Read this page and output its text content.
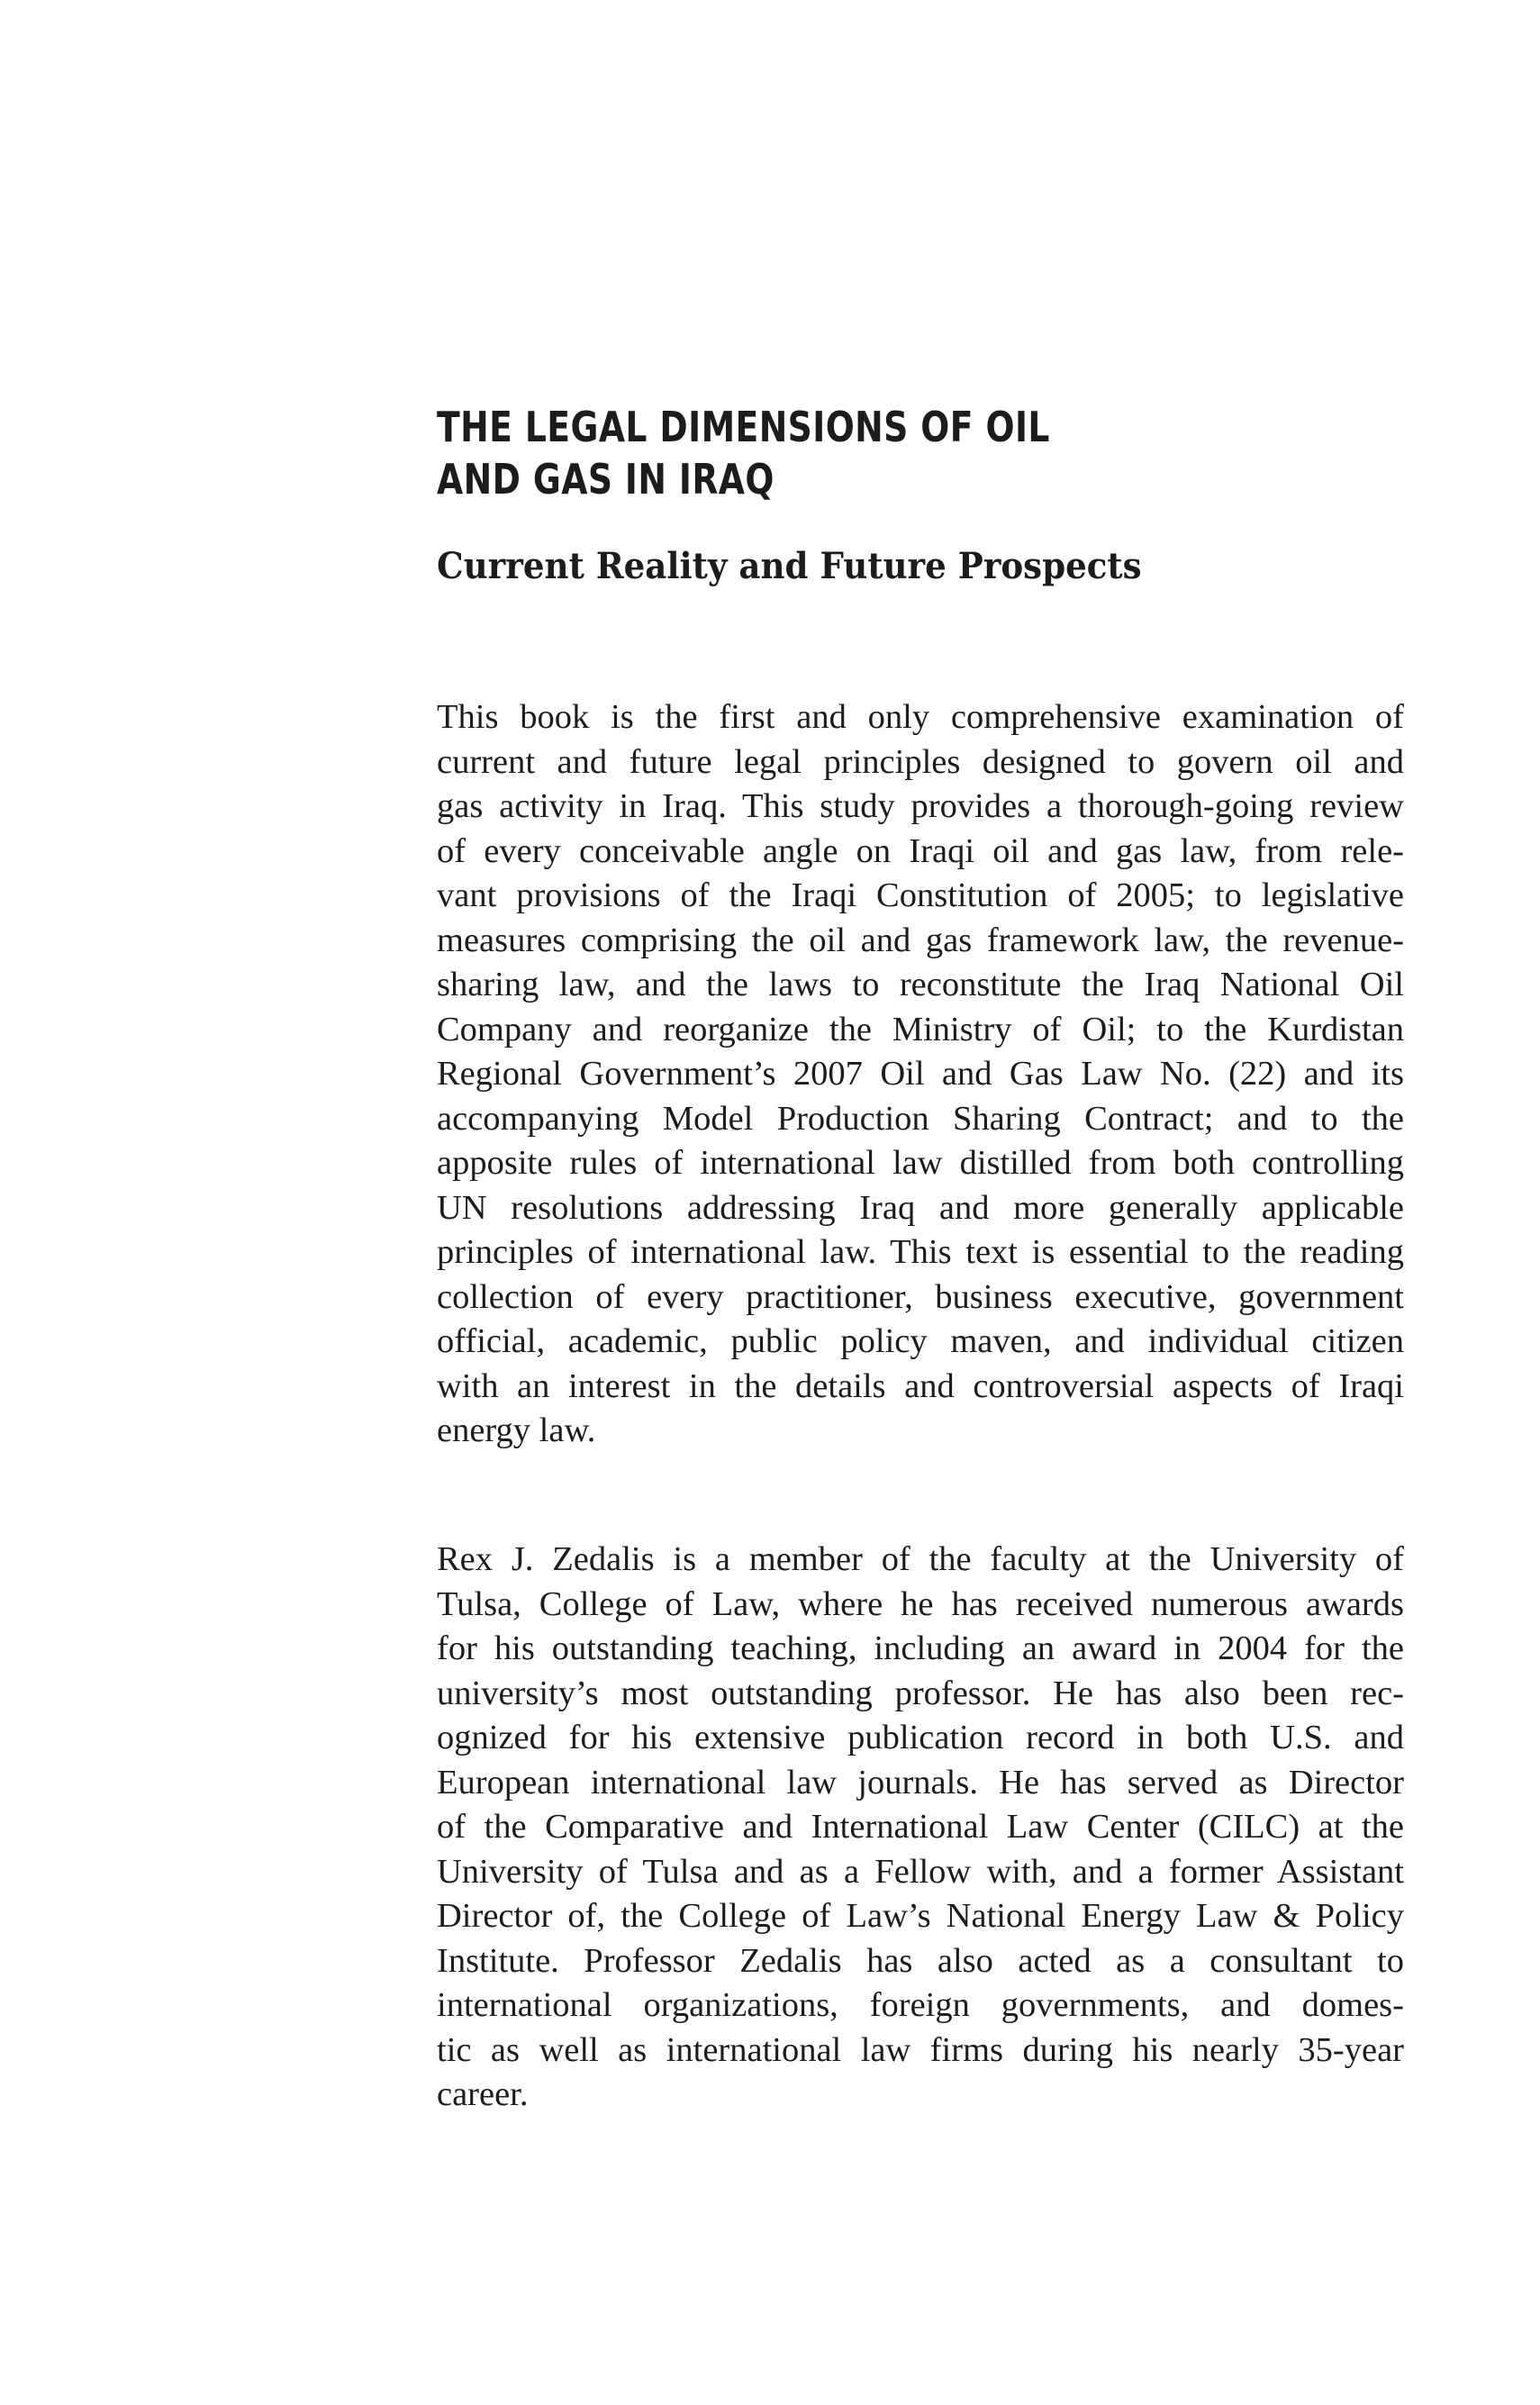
THE LEGAL DIMENSIONS OF OIL
AND GAS IN IRAQ
Current Reality and Future Prospects
This book is the first and only comprehensive examination of
current and future legal principles designed to govern oil and
gas activity in Iraq. This study provides a thorough-going review
of every conceivable angle on Iraqi oil and gas law, from rele-
vant provisions of the Iraqi Constitution of 2005; to legislative
measures comprising the oil and gas framework law, the revenue-
sharing law, and the laws to reconstitute the Iraq National Oil
Company and reorganize the Ministry of Oil; to the Kurdistan
Regional Government’s 2007 Oil and Gas Law No. (22) and its
accompanying Model Production Sharing Contract; and to the
apposite rules of international law distilled from both controlling
UN resolutions addressing Iraq and more generally applicable
principles of international law. This text is essential to the reading
collection of every practitioner, business executive, government
official, academic, public policy maven, and individual citizen
with an interest in the details and controversial aspects of Iraqi
energy law.
Rex J. Zedalis is a member of the faculty at the University of
Tulsa, College of Law, where he has received numerous awards
for his outstanding teaching, including an award in 2004 for the
university’s most outstanding professor. He has also been rec-
ognized for his extensive publication record in both U.S. and
European international law journals. He has served as Director
of the Comparative and International Law Center (CILC) at the
University of Tulsa and as a Fellow with, and a former Assistant
Director of, the College of Law’s National Energy Law & Policy
Institute. Professor Zedalis has also acted as a consultant to
international organizations, foreign governments, and domes-
tic as well as international law firms during his nearly 35-year
career.
